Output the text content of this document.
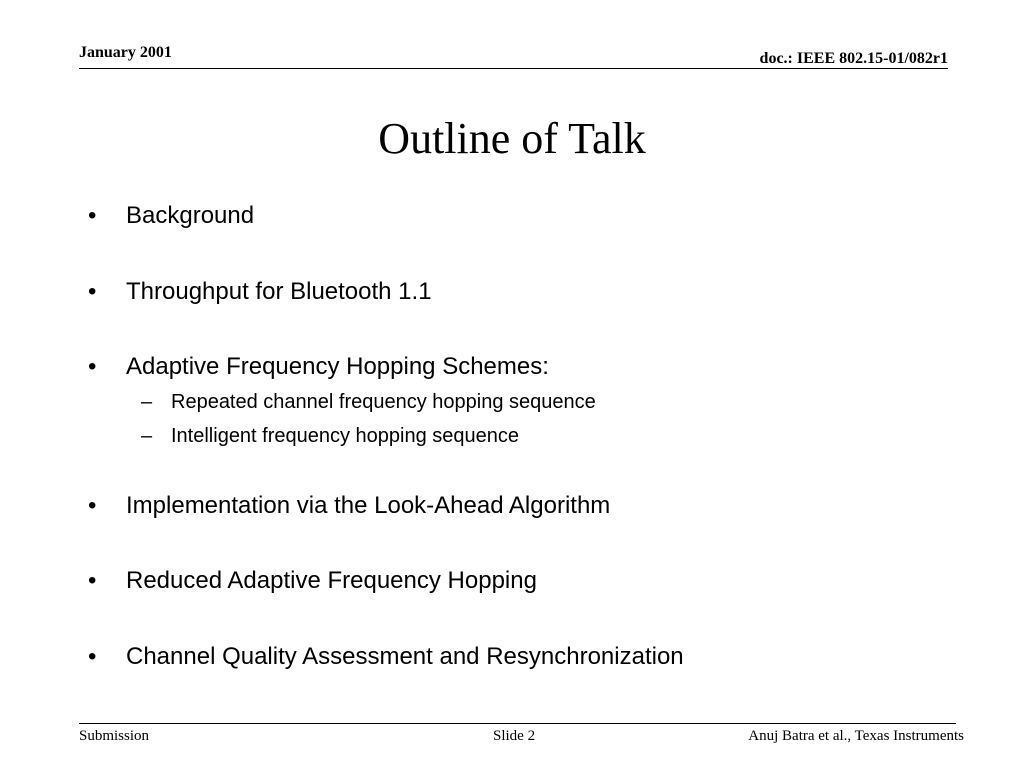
January 2001	doc.: IEEE 802.15-01/082r1
Outline of Talk
• Background
• Throughput for Bluetooth 1.1
• Adaptive Frequency Hopping Schemes:
– Repeated channel frequency hopping sequence
– Intelligent frequency hopping sequence
• Implementation via the Look-Ahead Algorithm
• Reduced Adaptive Frequency Hopping
• Channel Quality Assessment and Resynchronization
Submission	Slide 2	Anuj Batra et al., Texas Instruments
